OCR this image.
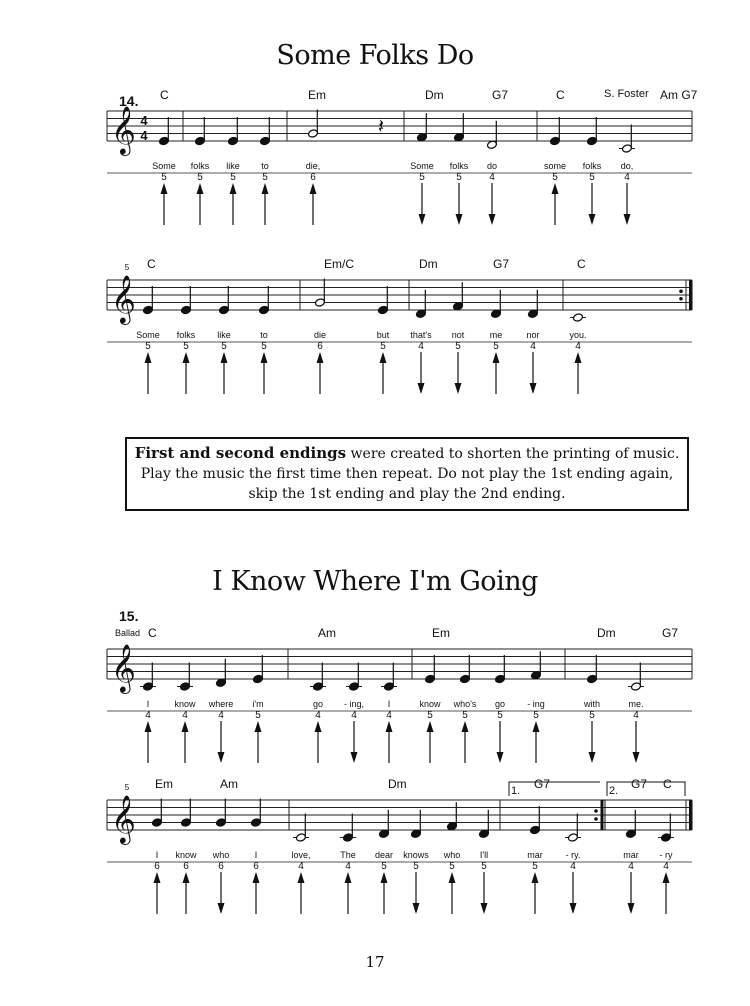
Some Folks Do
I Know Where I'm Going
First and second endings were created to shorten the printing of music.
Play the music the first time then repeat. Do not play the 1st ending again,
skip the 1st ending and play the 2nd ending.
17
𝄞 4
4
C	Em	Dm	G7	C	Am G7
𝄽
Some folks like to	die,	Some folks do	some folks do,
5	5	5	5	6	5	5	4	5	5	4
𝄞
5 C	Em/C	Dm	G7	C
Some folks like	to	die	but that's not	me	nor	you.
5	5	5	5	6	5	4	5	5	4	4
𝄞
C	Am	Em	Dm	G7
I	know where i'm	go - ing,	I	know who's go - ing	with	me.
4	4	4	5	4	4	4	5	5	5	5	5	4
𝄞
5 Em	Am	Dm	G7	G7 C
I know who	I	love,	The dear knows who I'll	mar	- ry.	mar - ry
6 6	6	6	4	4	5	5	5	5	5	4	4	4
14.	S. Foster
15.
Ballad
1.	2.
